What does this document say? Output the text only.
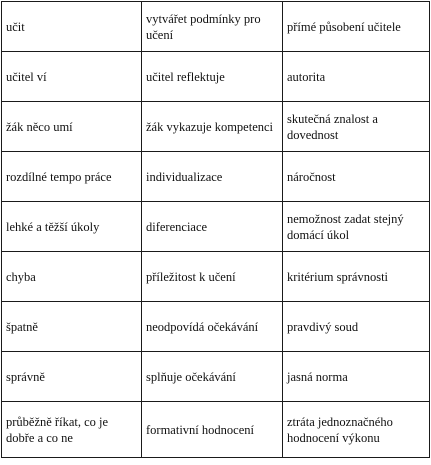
učit	vytvářet podmínky pro učení	přímé působení učitele
učitel ví	učitel reflektuje	autorita
žák něco umí	žák vykazuje kompetenci	skutečná znalost a dovednost
rozdílné tempo práce	individualizace	náročnost
lehké a těžší úkoly	diferenciace	nemožnost zadat stejný domácí úkol
chyba	příležitost k učení	kritérium správnosti
špatně	neodpovídá očekávání	pravdivý soud
správně	splňuje očekávání	jasná norma
průběžně říkat, co je dobře a co ne	formativní hodnocení	ztráta jednoznačného hodnocení výkonu
